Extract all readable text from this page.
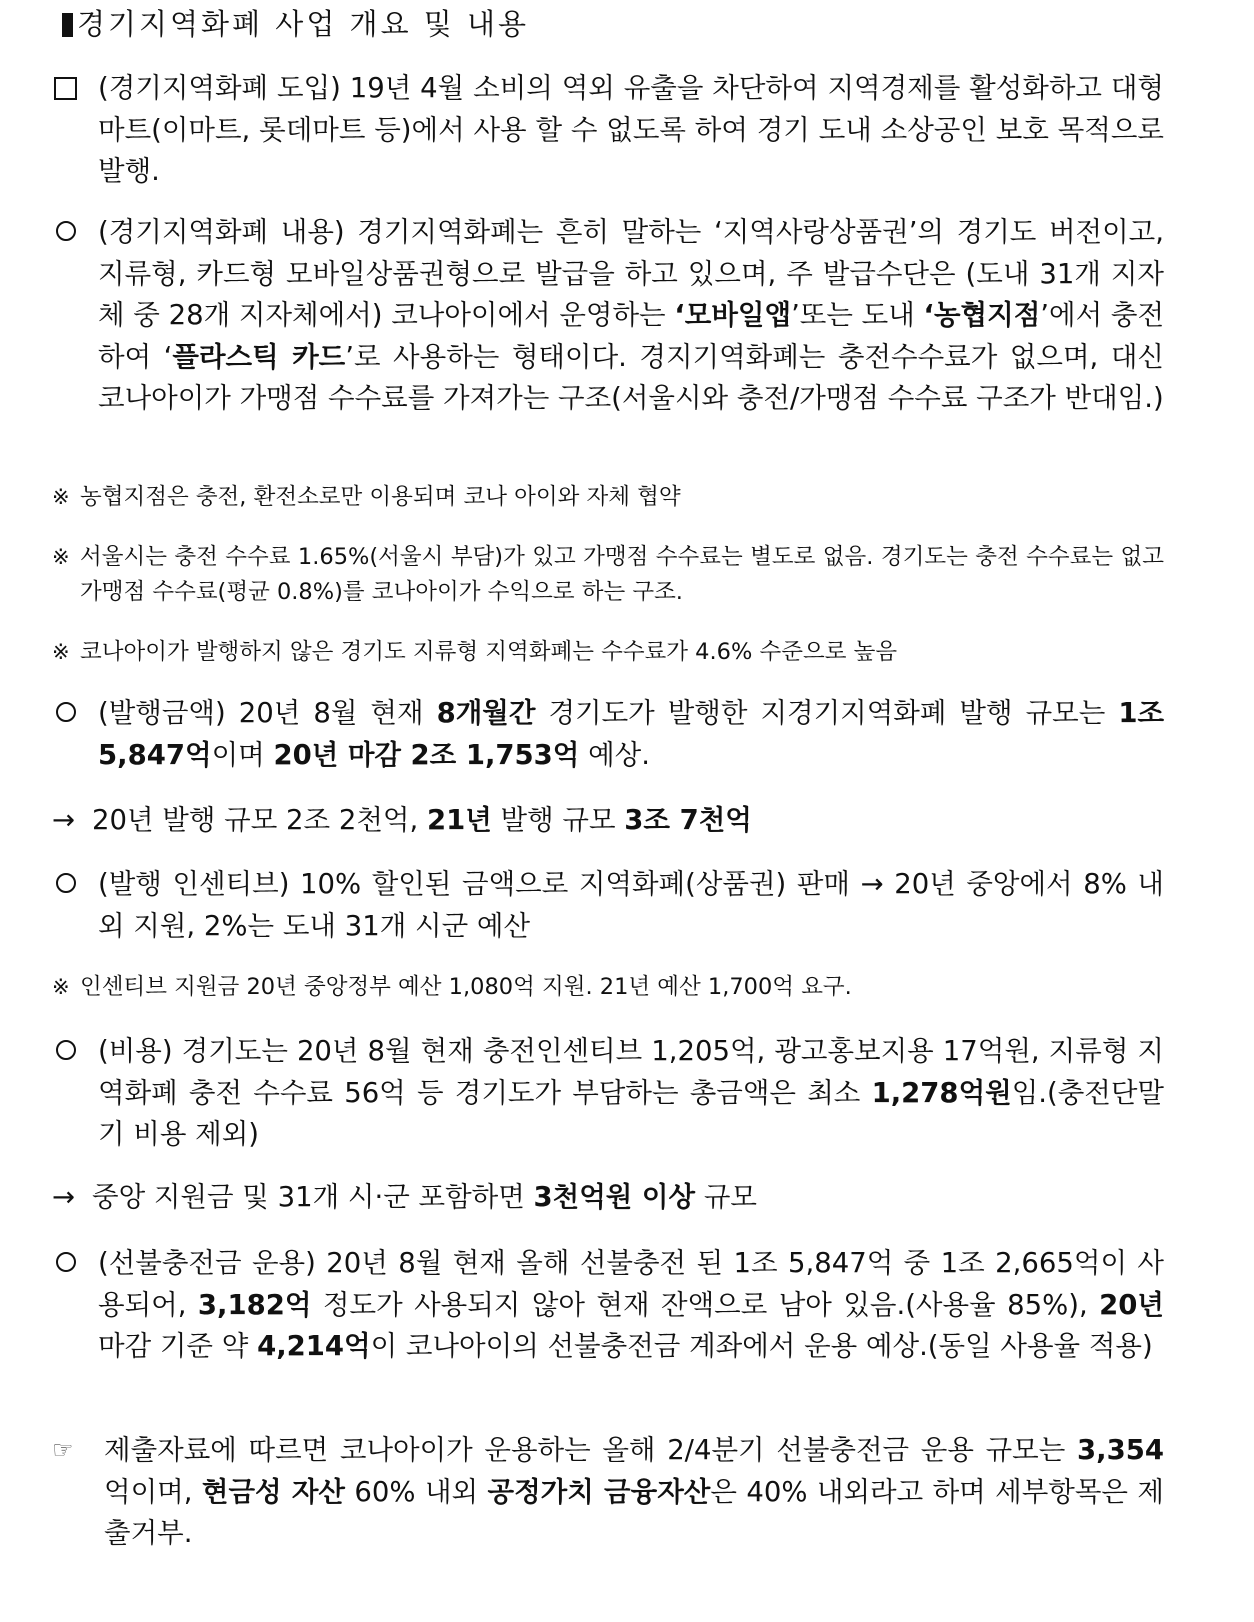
경기지역화폐 사업 개요 및 내용
(경기지역화폐 도입) 19년 4월 소비의 역외 유출을 차단하여 지역경제를 활성화하고 대형마트(이마트, 롯데마트 등)에서 사용 할 수 없도록 하여 경기 도내 소상공인 보호 목적으로 발행.
(경기지역화폐 내용) 경기지역화폐는 흔히 말하는 ‘지역사랑상품권’의 경기도 버전이고, 지류형, 카드형 모바일상품권형으로 발급을 하고 있으며, 주 발급수단은 (도내 31개 지자체 중 28개 지자체에서) 코나아이에서 운영하는 ‘모바일앱’또는 도내 ‘농협지점’에서 충전하여 ‘플라스틱 카드’로 사용하는 형태이다. 경지기역화폐는 충전수수료가 없으며, 대신 코나아이가 가맹점 수수료를 가져가는 구조(서울시와 충전/가맹점 수수료 구조가 반대임.)
※ 농협지점은 충전, 환전소로만 이용되며 코나 아이와 자체 협약
※ 서울시는 충전 수수료 1.65%(서울시 부담)가 있고 가맹점 수수료는 별도로 없음. 경기도는 충전 수수료는 없고 가맹점 수수료(평균 0.8%)를 코나아이가 수익으로 하는 구조.
※ 코나아이가 발행하지 않은 경기도 지류형 지역화폐는 수수료가 4.6% 수준으로 높음
(발행금액) 20년 8월 현재 8개월간 경기도가 발행한 지경기지역화폐 발행 규모는 1조 5,847억이며 20년 마감 2조 1,753억 예상.
→ 20년 발행 규모 2조 2천억, 21년 발행 규모 3조 7천억
(발행 인센티브) 10% 할인된 금액으로 지역화폐(상품권) 판매 → 20년 중앙에서 8% 내외 지원, 2%는 도내 31개 시군 예산
※ 인센티브 지원금 20년 중앙정부 예산 1,080억 지원. 21년 예산 1,700억 요구.
(비용) 경기도는 20년 8월 현재 충전인센티브 1,205억, 광고홍보지용 17억원, 지류형 지역화폐 충전 수수료 56억 등 경기도가 부담하는 총금액은 최소 1,278억원임.(충전단말기 비용 제외)
→ 중앙 지원금 및 31개 시·군 포함하면 3천억원 이상 규모
(선불충전금 운용) 20년 8월 현재 올해 선불충전 된 1조 5,847억 중 1조 2,665억이 사용되어, 3,182억 정도가 사용되지 않아 현재 잔액으로 남아 있음.(사용율 85%), 20년 마감 기준 약 4,214억이 코나아이의 선불충전금 계좌에서 운용 예상.(동일 사용율 적용)
☞	제출자료에 따르면 코나아이가 운용하는 올해 2/4분기 선불충전금 운용 규모는 3,354억이며, 현금성 자산 60% 내외 공정가치 금융자산은 40% 내외라고 하며 세부항목은 제출거부.
